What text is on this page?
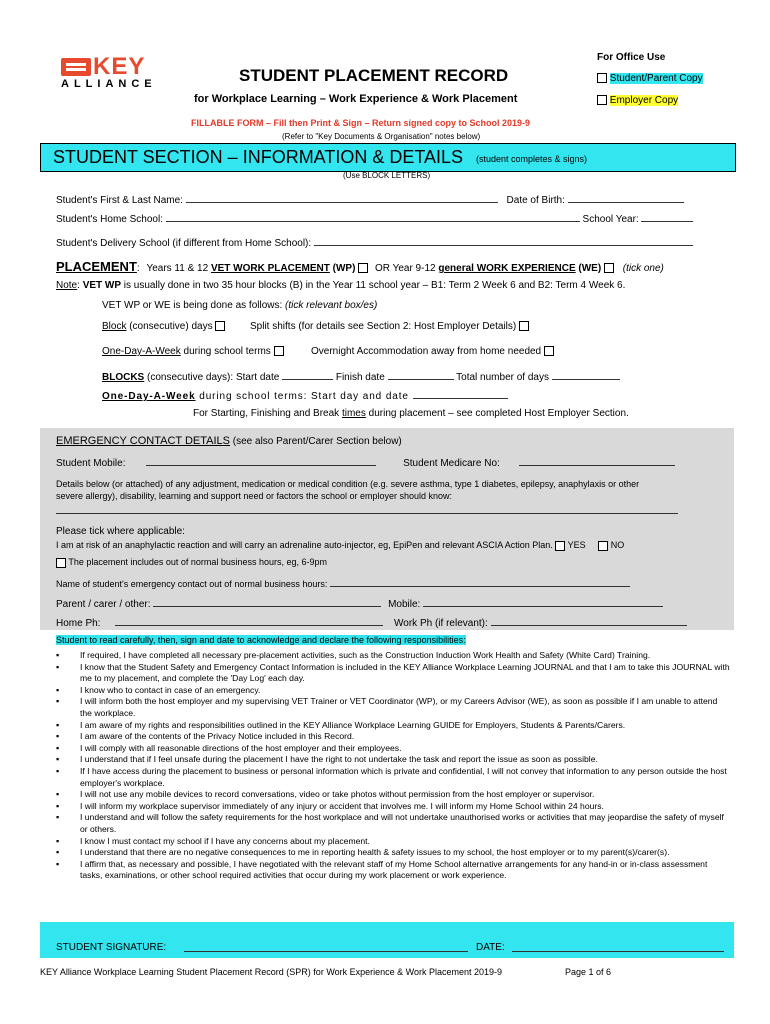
KEY
ALLIANCE
For Office Use
Student/Parent Copy
Employer Copy
STUDENT PLACEMENT RECORD
for Workplace Learning – Work Experience & Work Placement
FILLABLE FORM – Fill then Print & Sign – Return signed copy to School 2019-9
(Refer to "Key Documents & Organisation" notes below)
STUDENT SECTION – INFORMATION & DETAILS (student completes & signs)
(Use BLOCK LETTERS)
Student's First & Last Name:	Date of Birth:
Student's Home School:	School Year:
Student's Delivery School (if different from Home School):
PLACEMENT: Years 11 & 12 VET WORK PLACEMENT (WP) OR Year 9-12 general WORK EXPERIENCE (WE) (tick one)
Note: VET WP is usually done in two 35 hour blocks (B) in the Year 11 school year – B1: Term 2 Week 6 and B2: Term 4 Week 6.
VET WP or WE is being done as follows: (tick relevant box/es)
Block (consecutive) days	Split shifts (for details see Section 2: Host Employer Details)
One-Day-A-Week during school terms	Overnight Accommodation away from home needed
BLOCKS (consecutive days): Start date	Finish date	Total number of days
One-Day-A-Week during school terms: Start day and date
For Starting, Finishing and Break times during placement – see completed Host Employer Section.
EMERGENCY CONTACT DETAILS (see also Parent/Carer Section below)
Student Mobile:	Student Medicare No:
Details below (or attached) of any adjustment, medication or medical condition (e.g. severe asthma, type 1 diabetes, epilepsy, anaphylaxis or other
severe allergy), disability, learning and support need or factors the school or employer should know:
Please tick where applicable:
I am at risk of an anaphylactic reaction and will carry an adrenaline auto-injector, eg, EpiPen and relevant ASCIA Action Plan. YES	NO
The placement includes out of normal business hours, eg, 6-9pm
Name of student's emergency contact out of normal business hours:
Parent / carer / other:	Mobile:
Home Ph:	Work Ph (if relevant):
Student to read carefully, then, sign and date to acknowledge and declare the following responsibilities:
▪ If required, I have completed all necessary pre-placement activities, such as the Construction Induction Work Health and Safety (White Card) Training.
▪ I know that the Student Safety and Emergency Contact Information is included in the KEY Alliance Workplace Learning JOURNAL and that I am to take this JOURNAL with me to my placement, and complete the 'Day Log' each day.
▪ I know who to contact in case of an emergency.
▪ I will inform both the host employer and my supervising VET Trainer or VET Coordinator (WP), or my Careers Advisor (WE), as soon as possible if I am unable to attend the workplace.
▪ I am aware of my rights and responsibilities outlined in the KEY Alliance Workplace Learning GUIDE for Employers, Students & Parents/Carers.
▪ I am aware of the contents of the Privacy Notice included in this Record.
▪ I will comply with all reasonable directions of the host employer and their employees.
▪ I understand that if I feel unsafe during the placement I have the right to not undertake the task and report the issue as soon as possible.
▪ If I have access during the placement to business or personal information which is private and confidential, I will not convey that information to any person outside the host employer's workplace.
▪ I will not use any mobile devices to record conversations, video or take photos without permission from the host employer or supervisor.
▪ I will inform my workplace supervisor immediately of any injury or accident that involves me. I will inform my Home School within 24 hours.
▪ I understand and will follow the safety requirements for the host workplace and will not undertake unauthorised works or activities that may jeopardise the safety of myself or others.
▪ I know I must contact my school if I have any concerns about my placement.
▪ I understand that there are no negative consequences to me in reporting health & safety issues to my school, the host employer or to my parent(s)/carer(s).
▪ I affirm that, as necessary and possible, I have negotiated with the relevant staff of my Home School alternative arrangements for any hand-in or in-class assessment tasks, examinations, or other school required activities that occur during my work placement or work experience.
STUDENT SIGNATURE:	DATE:
KEY Alliance Workplace Learning Student Placement Record (SPR) for Work Experience & Work Placement 2019-9	Page 1 of 6
